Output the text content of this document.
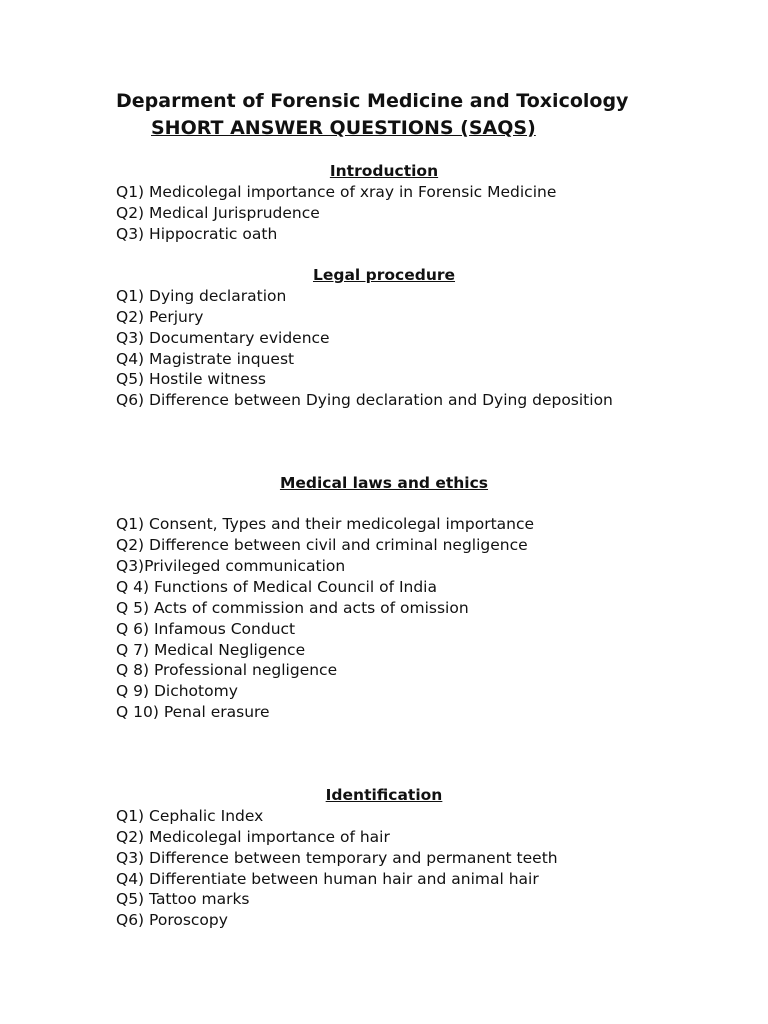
Deparment of Forensic Medicine and Toxicology
SHORT ANSWER QUESTIONS (SAQS)
Introduction
Q1) Medicolegal importance of xray in Forensic Medicine
Q2) Medical Jurisprudence
Q3) Hippocratic oath
Legal procedure
Q1) Dying declaration
Q2) Perjury
Q3) Documentary evidence
Q4) Magistrate inquest
Q5) Hostile witness
Q6) Difference between Dying declaration and Dying deposition
Medical laws and ethics
Q1) Consent, Types and their medicolegal importance
Q2) Difference between civil and criminal negligence
Q3)Privileged communication
Q 4) Functions of Medical Council of India
Q 5) Acts of commission and acts of omission
Q 6) Infamous Conduct
Q 7) Medical Negligence
Q 8) Professional negligence
Q 9) Dichotomy
Q 10) Penal erasure
Identification
Q1) Cephalic Index
Q2) Medicolegal importance of hair
Q3) Difference between temporary and permanent teeth
Q4) Differentiate between human hair and animal hair
Q5) Tattoo marks
Q6) Poroscopy
